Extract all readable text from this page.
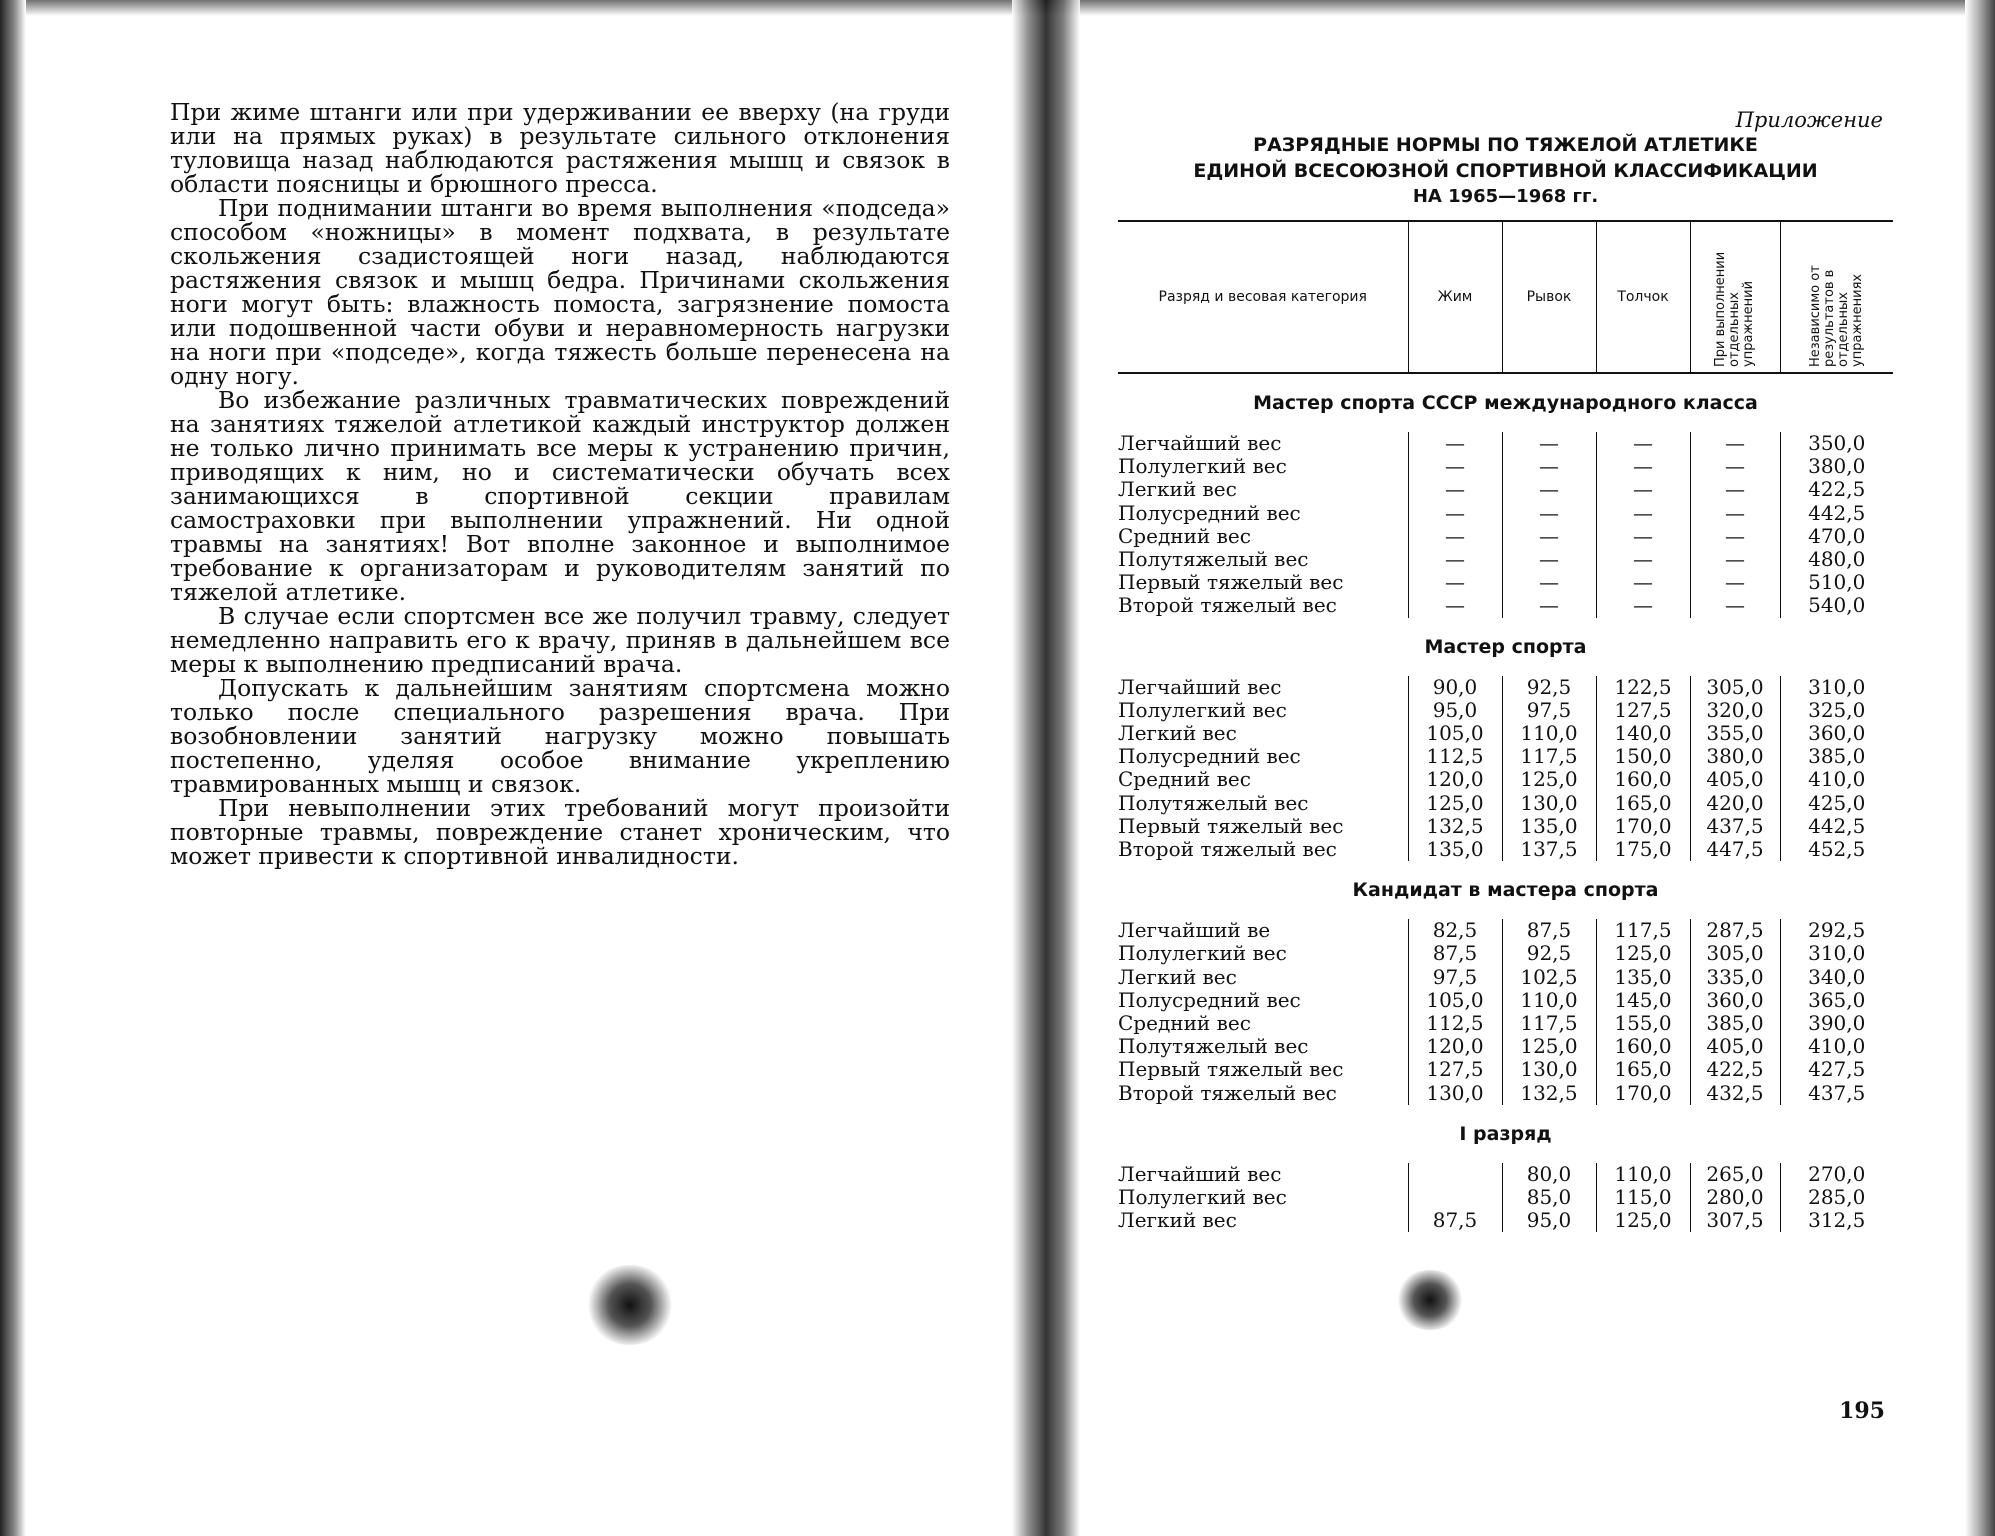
При жиме штанги или при удерживании ее вверху (на груди или на прямых руках) в результате сильного отклонения туловища назад наблюдаются растяжения мышц и связок в области поясницы и брюшного пресса.

При поднимании штанги во время выполнения «подседа» способом «ножницы» в момент подхвата, в результате скольжения сзадистоящей ноги назад, наблюдаются растяжения связок и мышц бедра. Причинами скольжения ноги могут быть: влажность помоста, загрязнение помоста или подошвенной части обуви и неравномерность нагрузки на ноги при «подседе», когда тяжесть больше перенесена на одну ногу.

Во избежание различных травматических повреждений на занятиях тяжелой атлетикой каждый инструктор должен не только лично принимать все меры к устранению причин, приводящих к ним, но и систематически обучать всех занимающихся в спортивной секции правилам самостраховки при выполнении упражнений. Ни одной травмы на занятиях! Вот вполне законное и выполнимое требование к организаторам и руководителям занятий по тяжелой атлетике.

В случае если спортсмен все же получил травму, следует немедленно направить его к врачу, приняв в дальнейшем все меры к выполнению предписаний врача.

Допускать к дальнейшим занятиям спортсмена можно только после специального разрешения врача. При возобновлении занятий нагрузку можно повышать постепенно, уделяя особое внимание укреплению травмированных мышц и связок.

При невыполнении этих требований могут произойти повторные травмы, повреждение станет хроническим, что может привести к спортивной инвалидности.

Приложение
РАЗРЯДНЫЕ НОРМЫ ПО ТЯЖЕЛОЙ АТЛЕТИКЕ
ЕДИНОЙ ВСЕСОЮЗНОЙ СПОРТИВНОЙ КЛАССИФИКАЦИИ
НА 1965—1968 гг.
Разряд и весовая категория	Жим	Рывок	Толчок	При выполнении отдельных упражнений	Независимо от результатов в отдельных упражнениях

Мастер спорта СССР международного класса					
Легчайший вес	—	—	—	—	350,0
Полулегкий вес	—	—	—	—	380,0
Легкий вес	—	—	—	—	422,5
Полусредний вес	—	—	—	—	442,5
Средний вес	—	—	—	—	470,0
Полутяжелый вес	—	—	—	—	480,0
Первый тяжелый вес	—	—	—	—	510,0
Второй тяжелый вес	—	—	—	—	540,0
Мастер спорта					
Легчайший вес	90,0	92,5	122,5	305,0	310,0
Полулегкий вес	95,0	97,5	127,5	320,0	325,0
Легкий вес	105,0	110,0	140,0	355,0	360,0
Полусредний вес	112,5	117,5	150,0	380,0	385,0
Средний вес	120,0	125,0	160,0	405,0	410,0
Полутяжелый вес	125,0	130,0	165,0	420,0	425,0
Первый тяжелый вес	132,5	135,0	170,0	437,5	442,5
Второй тяжелый вес	135,0	137,5	175,0	447,5	452,5
Кандидат в мастера спорта					
Легчайший ве	82,5	87,5	117,5	287,5	292,5
Полулегкий вес	87,5	92,5	125,0	305,0	310,0
Легкий вес	97,5	102,5	135,0	335,0	340,0
Полусредний вес	105,0	110,0	145,0	360,0	365,0
Средний вес	112,5	117,5	155,0	385,0	390,0
Полутяжелый вес	120,0	125,0	160,0	405,0	410,0
Первый тяжелый вес	127,5	130,0	165,0	422,5	427,5
Второй тяжелый вес	130,0	132,5	170,0	432,5	437,5
I разряд					
Легчайший вес		80,0	110,0	265,0	270,0
Полулегкий вес		85,0	115,0	280,0	285,0
Легкий вес	87,5	95,0	125,0	307,5	312,5
195
